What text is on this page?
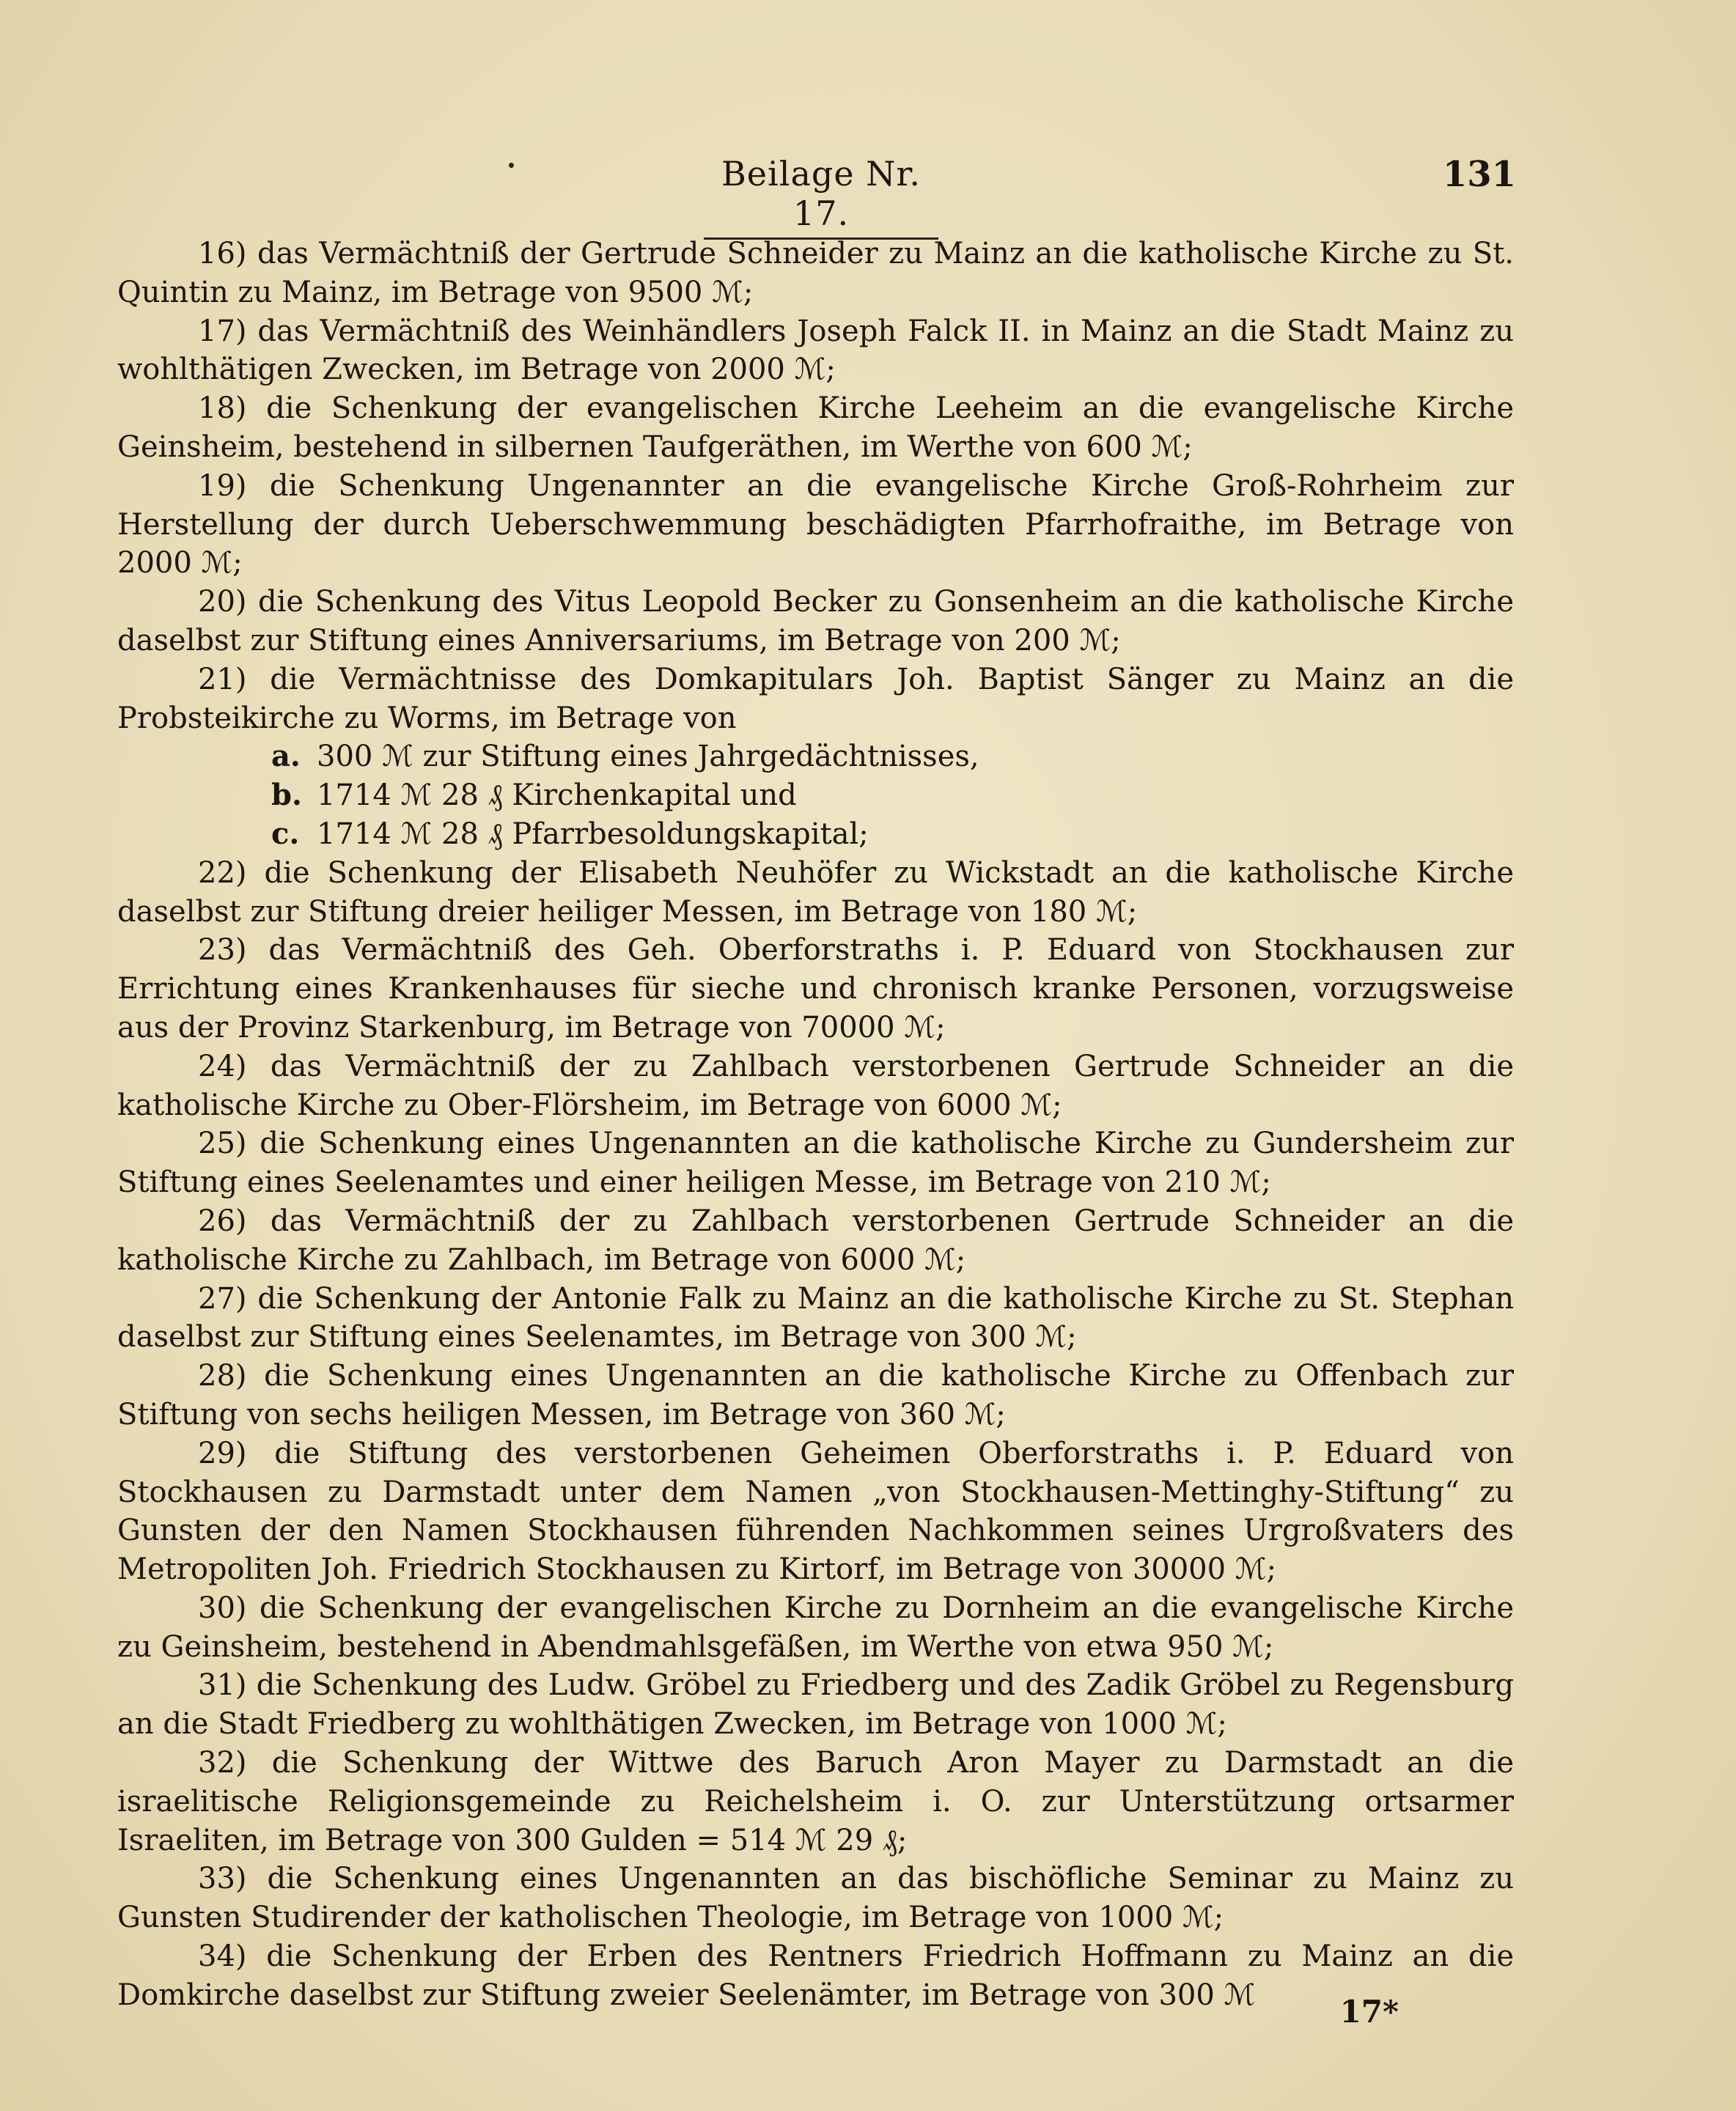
Beilage Nr. 17.
131

16) das Vermächtniß der Gertrude Schneider zu Mainz an die katholische Kirche zu St. Quintin zu Mainz, im Betrage von 9500 ℳ;

17) das Vermächtniß des Weinhändlers Joseph Falck II. in Mainz an die Stadt Mainz zu wohlthätigen Zwecken, im Betrage von 2000 ℳ;

18) die Schenkung der evangelischen Kirche Leeheim an die evangelische Kirche Geinsheim, bestehend in silbernen Taufgeräthen, im Werthe von 600 ℳ;

19) die Schenkung Ungenannter an die evangelische Kirche Groß-Rohrheim zur Herstellung der durch Ueberschwemmung beschädigten Pfarrhofraithe, im Betrage von 2000 ℳ;

20) die Schenkung des Vitus Leopold Becker zu Gonsenheim an die katholische Kirche daselbst zur Stiftung eines Anniversariums, im Betrage von 200 ℳ;

21) die Vermächtnisse des Domkapitulars Joh. Baptist Sänger zu Mainz an die Probsteikirche zu Worms, im Betrage von

a. 300 ℳ zur Stiftung eines Jahrgedächtnisses,

b. 1714 ℳ 28 ₰ Kirchenkapital und

c. 1714 ℳ 28 ₰ Pfarrbesoldungskapital;

22) die Schenkung der Elisabeth Neuhöfer zu Wickstadt an die katholische Kirche daselbst zur Stiftung dreier heiliger Messen, im Betrage von 180 ℳ;

23) das Vermächtniß des Geh. Oberforstraths i. P. Eduard von Stockhausen zur Errichtung eines Krankenhauses für sieche und chronisch kranke Personen, vorzugsweise aus der Provinz Starkenburg, im Betrage von 70000 ℳ;

24) das Vermächtniß der zu Zahlbach verstorbenen Gertrude Schneider an die katholische Kirche zu Ober-Flörsheim, im Betrage von 6000 ℳ;

25) die Schenkung eines Ungenannten an die katholische Kirche zu Gundersheim zur Stiftung eines Seelenamtes und einer heiligen Messe, im Betrage von 210 ℳ;

26) das Vermächtniß der zu Zahlbach verstorbenen Gertrude Schneider an die katholische Kirche zu Zahlbach, im Betrage von 6000 ℳ;

27) die Schenkung der Antonie Falk zu Mainz an die katholische Kirche zu St. Stephan daselbst zur Stiftung eines Seelenamtes, im Betrage von 300 ℳ;

28) die Schenkung eines Ungenannten an die katholische Kirche zu Offenbach zur Stiftung von sechs heiligen Messen, im Betrage von 360 ℳ;

29) die Stiftung des verstorbenen Geheimen Oberforstraths i. P. Eduard von Stockhausen zu Darmstadt unter dem Namen „von Stockhausen-Mettinghy-Stiftung“ zu Gunsten der den Namen Stockhausen führenden Nachkommen seines Urgroßvaters des Metropoliten Joh. Friedrich Stockhausen zu Kirtorf, im Betrage von 30000 ℳ;

30) die Schenkung der evangelischen Kirche zu Dornheim an die evangelische Kirche zu Geinsheim, bestehend in Abendmahlsgefäßen, im Werthe von etwa 950 ℳ;

31) die Schenkung des Ludw. Gröbel zu Friedberg und des Zadik Gröbel zu Regensburg an die Stadt Friedberg zu wohlthätigen Zwecken, im Betrage von 1000 ℳ;

32) die Schenkung der Wittwe des Baruch Aron Mayer zu Darmstadt an die israelitische Religionsgemeinde zu Reichelsheim i. O. zur Unterstützung ortsarmer Israeliten, im Betrage von 300 Gulden = 514 ℳ 29 ₰;

33) die Schenkung eines Ungenannten an das bischöfliche Seminar zu Mainz zu Gunsten Studirender der katholischen Theologie, im Betrage von 1000 ℳ;

34) die Schenkung der Erben des Rentners Friedrich Hoffmann zu Mainz an die Domkirche daselbst zur Stiftung zweier Seelenämter, im Betrage von 300 ℳ	17*
